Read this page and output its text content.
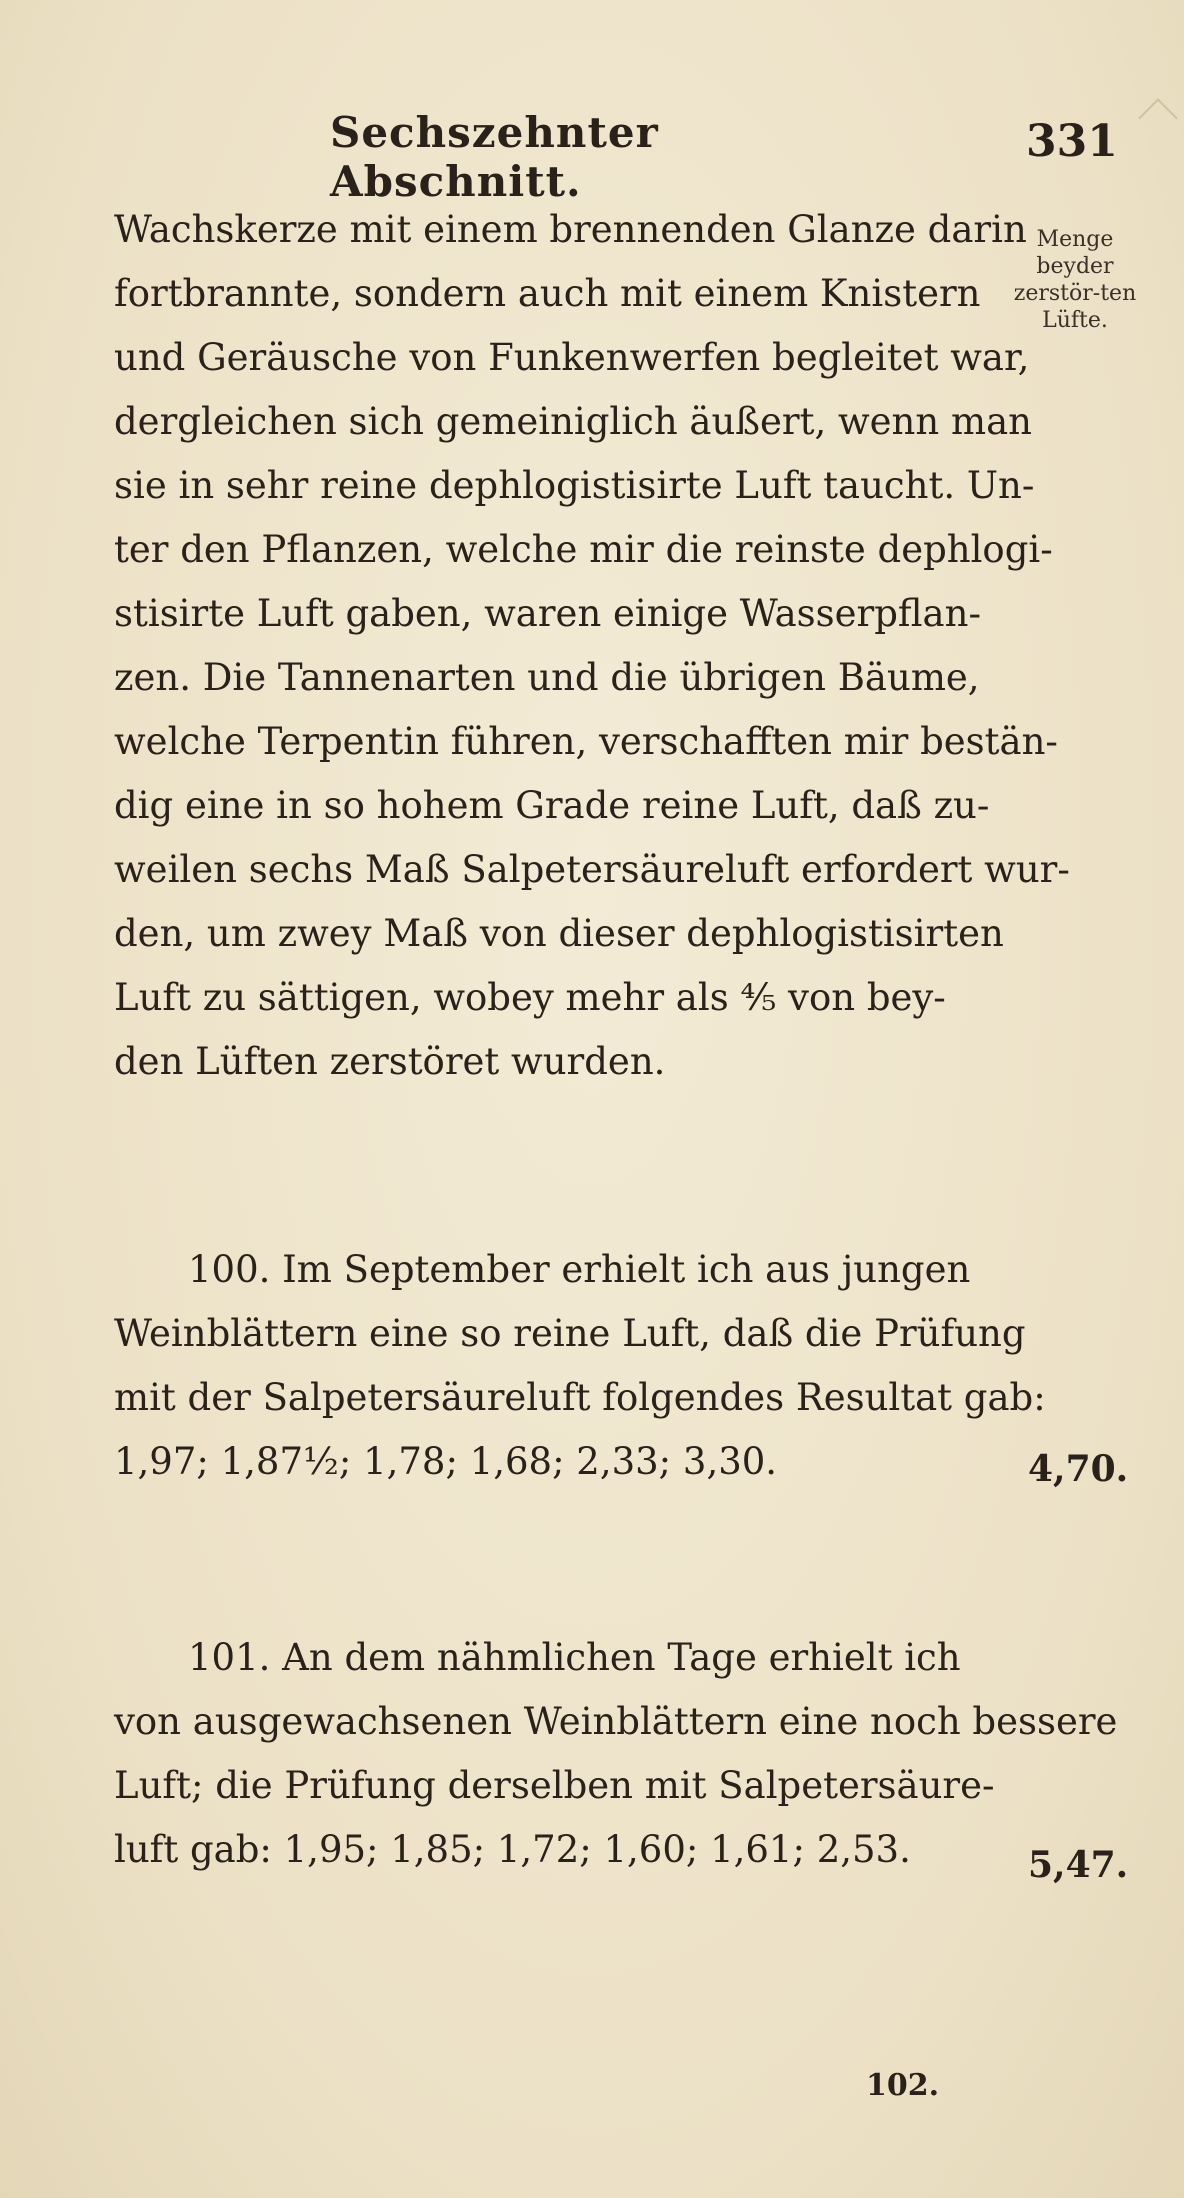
Sechszehnter Abschnitt.
331
Menge beyder zerstör-ten Lüfte.
Wachskerze mit einem brennenden Glanze darin
fortbrannte, sondern auch mit einem Knistern
und Geräusche von Funkenwerfen begleitet war,
dergleichen sich gemeiniglich äußert, wenn man
sie in sehr reine dephlogistisirte Luft taucht. Un-
ter den Pflanzen, welche mir die reinste dephlogi-
stisirte Luft gaben, waren einige Wasserpflan-
zen. Die Tannenarten und die übrigen Bäume,
welche Terpentin führen, verschafften mir bestän-
dig eine in so hohem Grade reine Luft, daß zu-
weilen sechs Maß Salpetersäureluft erfordert wur-
den, um zwey Maß von dieser dephlogistisirten
Luft zu sättigen, wobey mehr als ⁴⁄₅ von bey-
den Lüften zerstöret wurden.
100. Im September erhielt ich aus jungen
Weinblättern eine so reine Luft, daß die Prüfung
mit der Salpetersäureluft folgendes Resultat gab:
1,97; 1,87½; 1,78; 1,68; 2,33; 3,30.	4,70.
101. An dem nähmlichen Tage erhielt ich
von ausgewachsenen Weinblättern eine noch bessere
Luft; die Prüfung derselben mit Salpetersäure-
luft gab: 1,95; 1,85; 1,72; 1,60; 1,61; 2,53.	5,47.
102.
